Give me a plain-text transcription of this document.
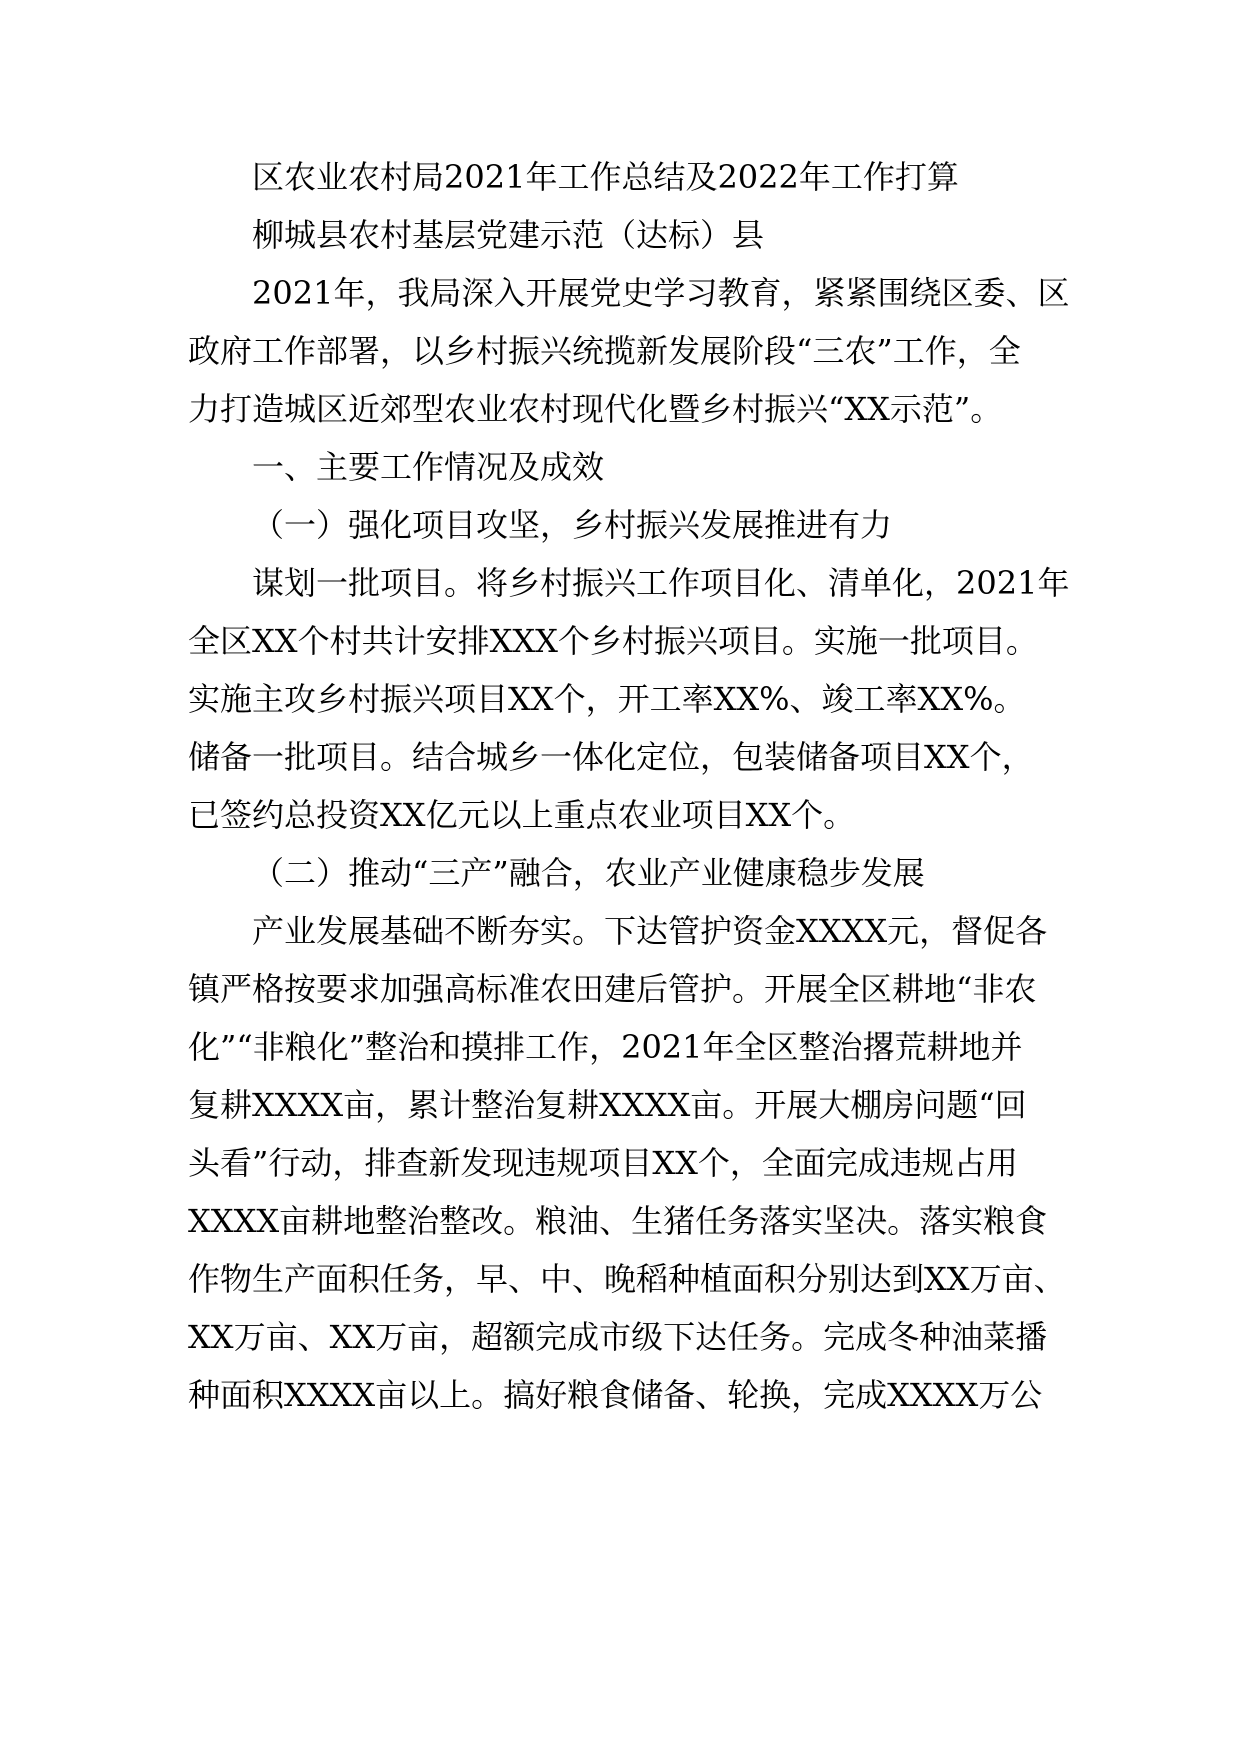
区农业农村局2021年工作总结及2022年工作打算
柳城县农村基层党建示范（达标）县
2021年，我局深入开展党史学习教育，紧紧围绕区委、区
政府工作部署，以乡村振兴统揽新发展阶段“三农”工作，全
力打造城区近郊型农业农村现代化暨乡村振兴“XX示范”。
一、主要工作情况及成效
（一）强化项目攻坚，乡村振兴发展推进有力
谋划一批项目。将乡村振兴工作项目化、清单化，2021年
全区XX个村共计安排XXX个乡村振兴项目。实施一批项目。
实施主攻乡村振兴项目XX个，开工率XX%、竣工率XX%。
储备一批项目。结合城乡一体化定位，包装储备项目XX个，
已签约总投资XX亿元以上重点农业项目XX个。
（二）推动“三产”融合，农业产业健康稳步发展
产业发展基础不断夯实。下达管护资金XXXX元，督促各
镇严格按要求加强高标准农田建后管护。开展全区耕地“非农
化”“非粮化”整治和摸排工作，2021年全区整治撂荒耕地并
复耕XXXX亩，累计整治复耕XXXX亩。开展大棚房问题“回
头看”行动，排查新发现违规项目XX个，全面完成违规占用
XXXX亩耕地整治整改。粮油、生猪任务落实坚决。落实粮食
作物生产面积任务，早、中、晚稻种植面积分别达到XX万亩、
XX万亩、XX万亩，超额完成市级下达任务。完成冬种油菜播
种面积XXXX亩以上。搞好粮食储备、轮换，完成XXXX万公
